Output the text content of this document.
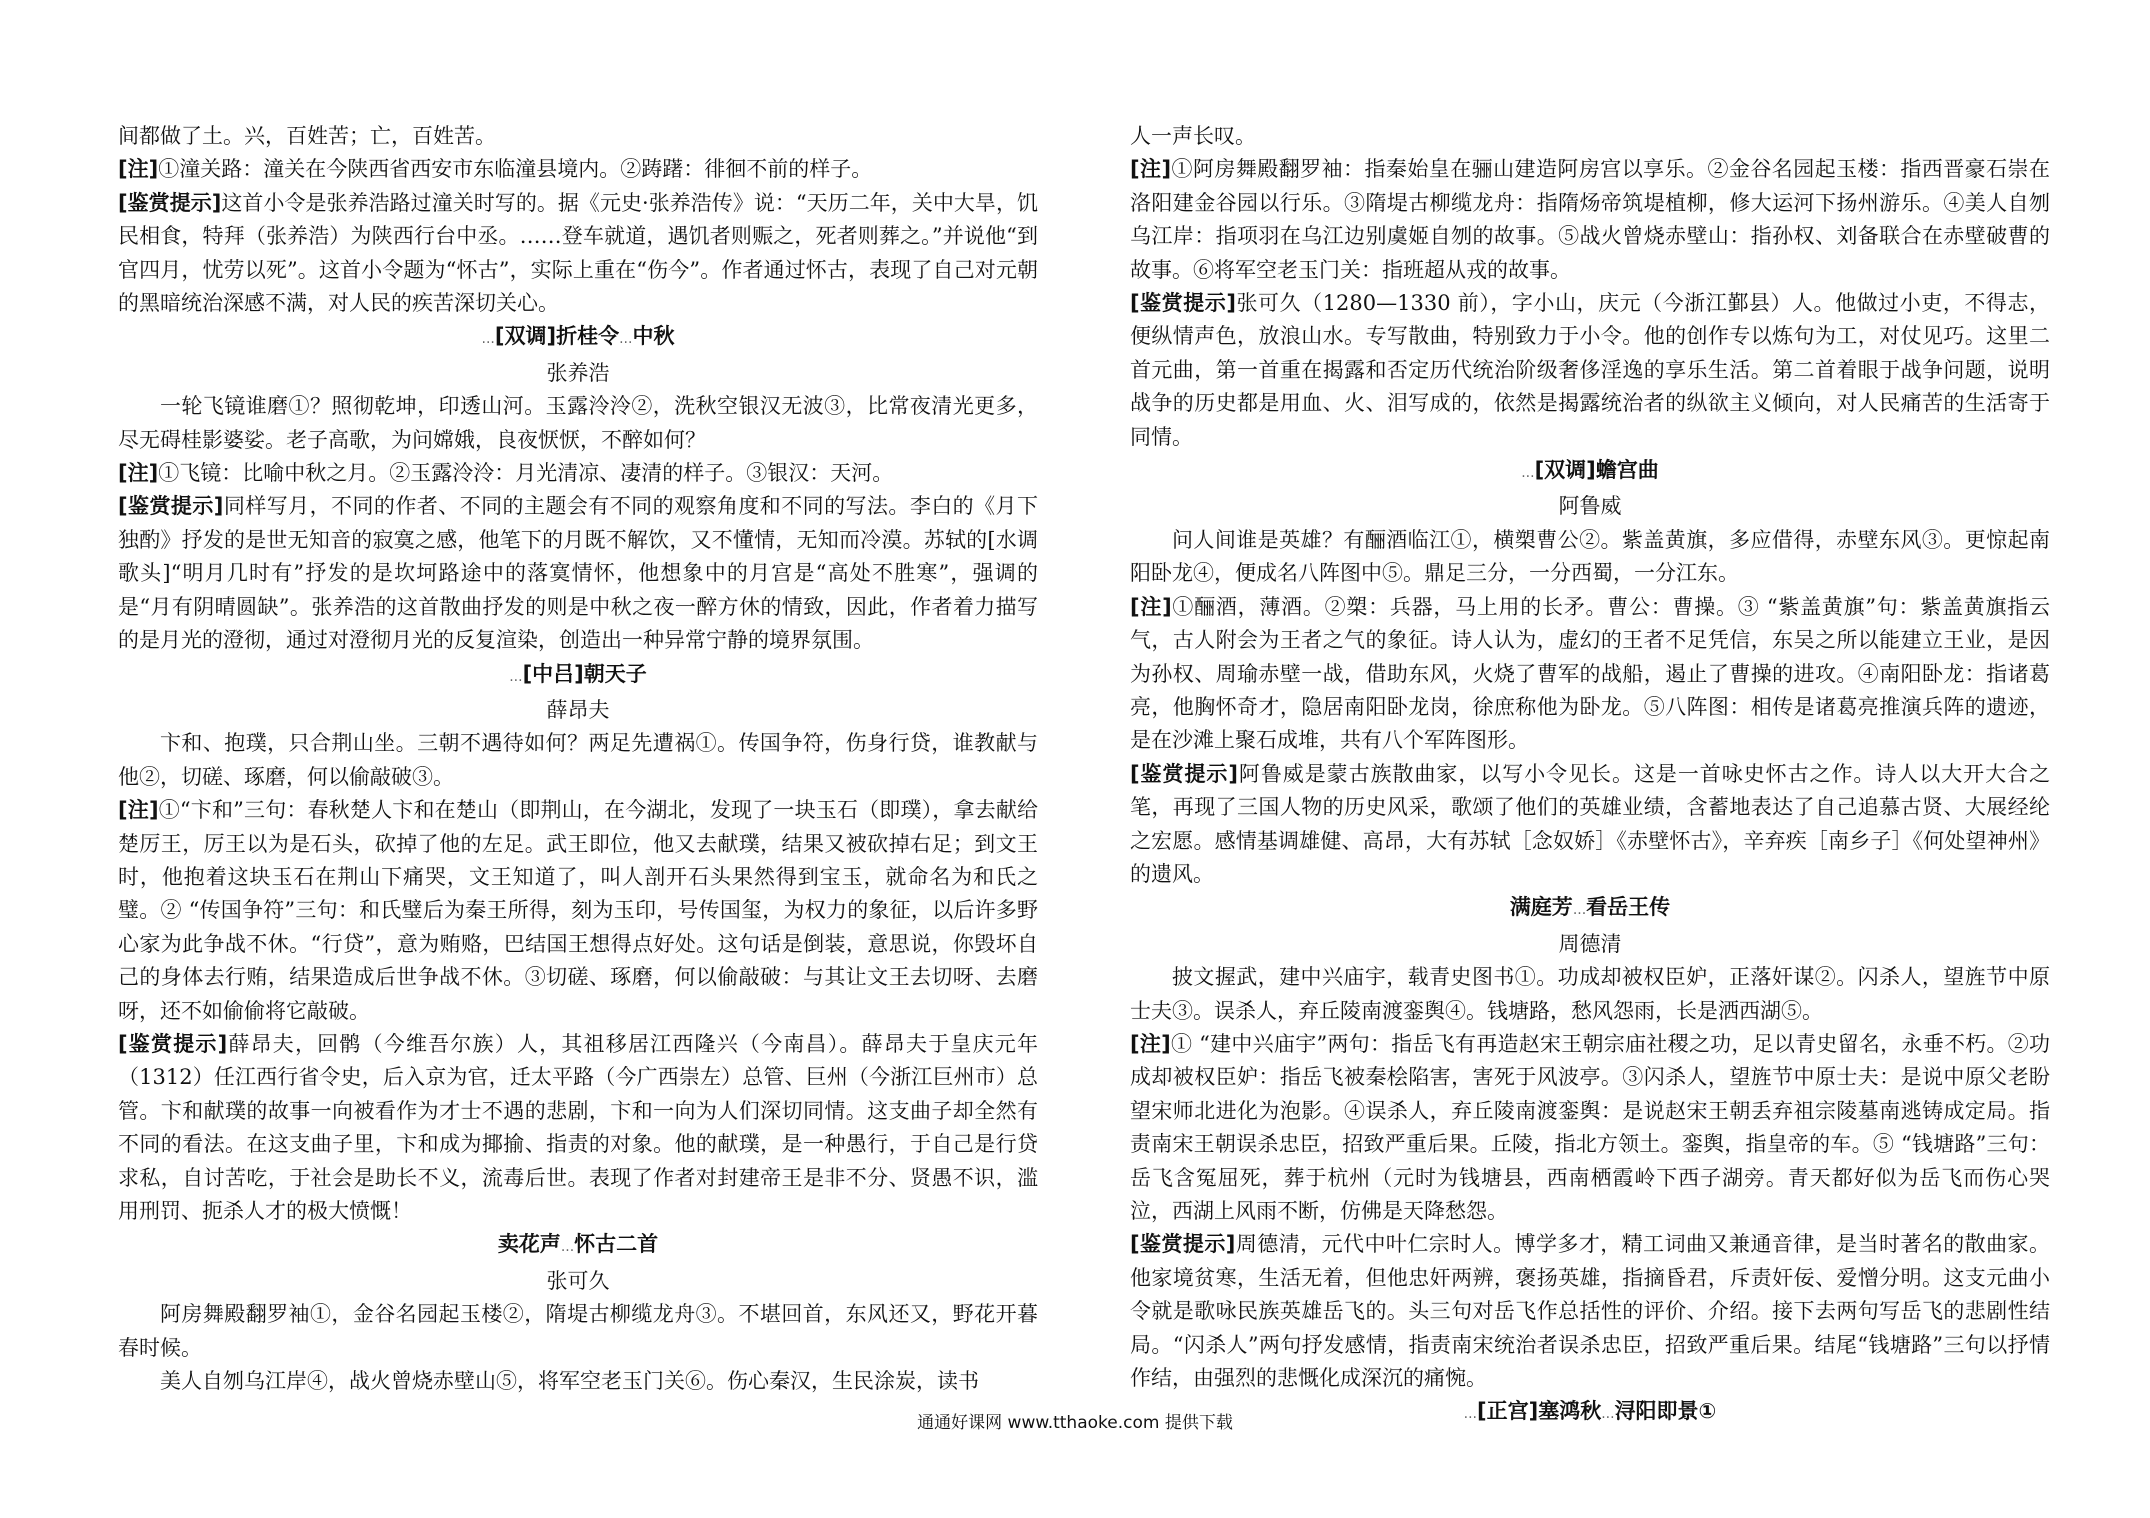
间都做了土。兴，百姓苦；亡，百姓苦。

[注]①潼关路：潼关在今陕西省西安市东临潼县境内。②踌躇：徘徊不前的样子。

[鉴赏提示]这首小令是张养浩路过潼关时写的。据《元史·张养浩传》说：“天历二年，关中大旱，饥民相食，特拜（张养浩）为陕西行台中丞。……登车就道，遇饥者则赈之，死者则葬之。”并说他“到官四月，忧劳以死”。这首小令题为“怀古”，实际上重在“伤今”。作者通过怀古，表现了自己对元朝的黑暗统治深感不满，对人民的疾苦深切关心。

...[双调]折桂令...中秋

张养浩

一轮飞镜谁磨①？照彻乾坤，印透山河。玉露泠泠②，洗秋空银汉无波③，比常夜清光更多，尽无碍桂影婆娑。老子高歌，为问嫦娥，良夜恹恹，不醉如何？

[注]①飞镜：比喻中秋之月。②玉露泠泠：月光清凉、凄清的样子。③银汉：天河。

[鉴赏提示]同样写月，不同的作者、不同的主题会有不同的观察角度和不同的写法。李白的《月下独酌》抒发的是世无知音的寂寞之感，他笔下的月既不解饮，又不懂情，无知而冷漠。苏轼的[水调歌头]“明月几时有”抒发的是坎坷路途中的落寞情怀，他想象中的月宫是“高处不胜寒”，强调的是“月有阴晴圆缺”。张养浩的这首散曲抒发的则是中秋之夜一醉方休的情致，因此，作者着力描写的是月光的澄彻，通过对澄彻月光的反复渲染，创造出一种异常宁静的境界氛围。

...[中吕]朝天子

薛昂夫

卞和、抱璞，只合荆山坐。三朝不遇待如何？两足先遭祸①。传国争符，伤身行贷，谁教献与他②，切磋、琢磨，何以偷敲破③。

[注]①“卞和”三句：春秋楚人卞和在楚山（即荆山，在今湖北，发现了一块玉石（即璞），拿去献给楚厉王，厉王以为是石头，砍掉了他的左足。武王即位，他又去献璞，结果又被砍掉右足；到文王时，他抱着这块玉石在荆山下痛哭，文王知道了，叫人剖开石头果然得到宝玉，就命名为和氏之璧。② “传国争符”三句：和氏璧后为秦王所得，刻为玉印，号传国玺，为权力的象征，以后许多野心家为此争战不休。“行贷”，意为贿赂，巴结国王想得点好处。这句话是倒装，意思说，你毁坏自己的身体去行贿，结果造成后世争战不休。③切磋、琢磨，何以偷敲破：与其让文王去切呀、去磨呀，还不如偷偷将它敲破。

[鉴赏提示]薛昂夫，回鹘（今维吾尔族）人，其祖移居江西隆兴（今南昌）。薛昂夫于皇庆元年（1312）任江西行省令史，后入京为官，迁太平路（今广西崇左）总管、巨州（今浙江巨州市）总管。卞和献璞的故事一向被看作为才士不遇的悲剧，卞和一向为人们深切同情。这支曲子却全然有不同的看法。在这支曲子里，卞和成为揶揄、指责的对象。他的献璞，是一种愚行，于自己是行贷求私，自讨苦吃，于社会是助长不义，流毒后世。表现了作者对封建帝王是非不分、贤愚不识，滥用刑罚、扼杀人才的极大愤慨！

卖花声...怀古二首

张可久

阿房舞殿翻罗袖①，金谷名园起玉楼②，隋堤古柳缆龙舟③。不堪回首，东风还又，野花开暮春时候。

美人自刎乌江岸④，战火曾烧赤壁山⑤，将军空老玉门关⑥。伤心秦汉，生民涂炭，读书

人一声长叹。

[注]①阿房舞殿翻罗袖：指秦始皇在骊山建造阿房宫以享乐。②金谷名园起玉楼：指西晋豪石崇在洛阳建金谷园以行乐。③隋堤古柳缆龙舟：指隋炀帝筑堤植柳，修大运河下扬州游乐。④美人自刎乌江岸：指项羽在乌江边别虞姬自刎的故事。⑤战火曾烧赤壁山：指孙权、刘备联合在赤壁破曹的故事。⑥将军空老玉门关：指班超从戎的故事。

[鉴赏提示]张可久（1280—1330 前），字小山，庆元（今浙江鄞县）人。他做过小吏，不得志，便纵情声色，放浪山水。专写散曲，特别致力于小令。他的创作专以炼句为工，对仗见巧。这里二首元曲，第一首重在揭露和否定历代统治阶级奢侈淫逸的享乐生活。第二首着眼于战争问题，说明战争的历史都是用血、火、泪写成的，依然是揭露统治者的纵欲主义倾向，对人民痛苦的生活寄于同情。

...[双调]蟾宫曲

阿鲁威

问人间谁是英雄？有酾酒临江①，横槊曹公②。紫盖黄旗，多应借得，赤壁东风③。更惊起南阳卧龙④，便成名八阵图中⑤。鼎足三分，一分西蜀，一分江东。

[注]①酾酒，薄酒。②槊：兵器，马上用的长矛。曹公：曹操。③ “紫盖黄旗”句：紫盖黄旗指云气，古人附会为王者之气的象征。诗人认为，虚幻的王者不足凭信，东吴之所以能建立王业，是因为孙权、周瑜赤壁一战，借助东风，火烧了曹军的战船，遏止了曹操的进攻。④南阳卧龙：指诸葛亮，他胸怀奇才，隐居南阳卧龙岗，徐庶称他为卧龙。⑤八阵图：相传是诸葛亮推演兵阵的遗迹，是在沙滩上聚石成堆，共有八个军阵图形。

[鉴赏提示]阿鲁威是蒙古族散曲家，以写小令见长。这是一首咏史怀古之作。诗人以大开大合之笔，再现了三国人物的历史风采，歌颂了他们的英雄业绩，含蓄地表达了自己追慕古贤、大展经纶之宏愿。感情基调雄健、高昂，大有苏轼［念奴娇］《赤壁怀古》，辛弃疾［南乡子］《何处望神州》的遗风。

满庭芳...看岳王传

周德清

披文握武，建中兴庙宇，载青史图书①。功成却被权臣妒，正落奸谋②。闪杀人，望旌节中原士夫③。误杀人，弃丘陵南渡銮舆④。钱塘路，愁风怨雨，长是洒西湖⑤。

[注]① “建中兴庙宇”两句：指岳飞有再造赵宋王朝宗庙社稷之功，足以青史留名，永垂不朽。②功成却被权臣妒：指岳飞被秦桧陷害，害死于风波亭。③闪杀人，望旌节中原士夫：是说中原父老盼望宋师北进化为泡影。④误杀人，弃丘陵南渡銮舆：是说赵宋王朝丢弃祖宗陵墓南逃铸成定局。指责南宋王朝误杀忠臣，招致严重后果。丘陵，指北方领土。銮舆，指皇帝的车。⑤ “钱塘路”三句：岳飞含冤屈死，葬于杭州（元时为钱塘县，西南栖霞岭下西子湖旁。青天都好似为岳飞而伤心哭泣，西湖上风雨不断，仿佛是天降愁怨。

[鉴赏提示]周德清，元代中叶仁宗时人。博学多才，精工词曲又兼通音律，是当时著名的散曲家。他家境贫寒，生活无着，但他忠奸两辨，褒扬英雄，指摘昏君，斥责奸佞、爱憎分明。这支元曲小令就是歌咏民族英雄岳飞的。头三句对岳飞作总括性的评价、介绍。接下去两句写岳飞的悲剧性结局。“闪杀人”两句抒发感情，指责南宋统治者误杀忠臣，招致严重后果。结尾“钱塘路”三句以抒情作结，由强烈的悲慨化成深沉的痛惋。

...[正宫]塞鸿秋...浔阳即景①

通通好课网 www.tthaoke.com 提供下载
